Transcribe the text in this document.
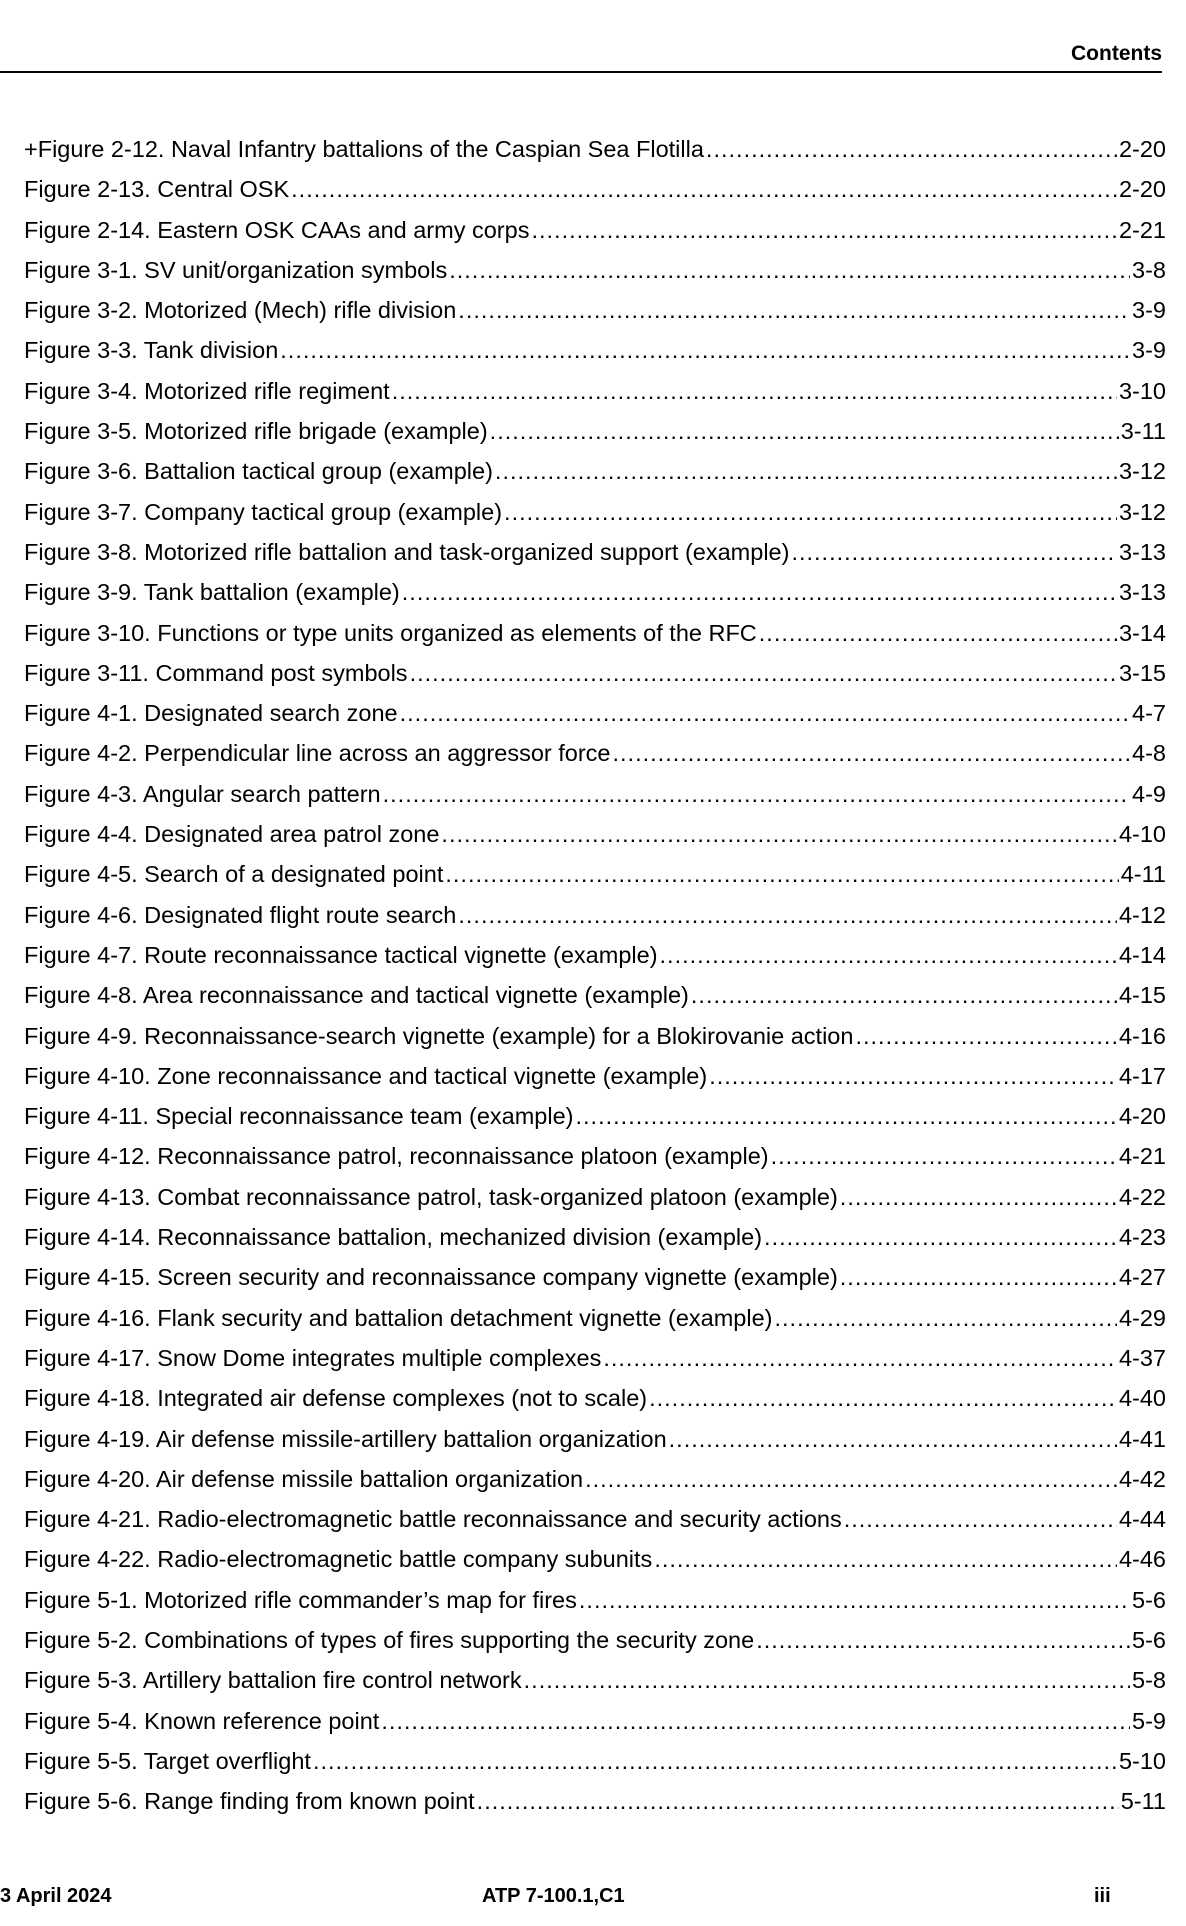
Contents
+Figure 2-12. Naval Infantry battalions of the Caspian Sea Flotilla .....	2-20
Figure 2-13. Central OSK .....	2-20
Figure 2-14. Eastern OSK CAAs and army corps .....	2-21
Figure 3-1. SV unit/organization symbols .....	3-8
Figure 3-2. Motorized (Mech) rifle division .....	3-9
Figure 3-3. Tank division .....	3-9
Figure 3-4. Motorized rifle regiment .....	3-10
Figure 3-5. Motorized rifle brigade (example) .....	3-11
Figure 3-6. Battalion tactical group (example) .....	3-12
Figure 3-7. Company tactical group (example) .....	3-12
Figure 3-8. Motorized rifle battalion and task-organized support (example) .....	3-13
Figure 3-9. Tank battalion (example) .....	3-13
Figure 3-10. Functions or type units organized as elements of the RFC .....	3-14
Figure 3-11. Command post symbols .....	3-15
Figure 4-1. Designated search zone .....	4-7
Figure 4-2. Perpendicular line across an aggressor force .....	4-8
Figure 4-3. Angular search pattern .....	4-9
Figure 4-4. Designated area patrol zone .....	4-10
Figure 4-5. Search of a designated point .....	4-11
Figure 4-6. Designated flight route search .....	4-12
Figure 4-7. Route reconnaissance tactical vignette (example) .....	4-14
Figure 4-8. Area reconnaissance and tactical vignette (example) .....	4-15
Figure 4-9. Reconnaissance-search vignette (example) for a Blokirovanie action .....	4-16
Figure 4-10. Zone reconnaissance and tactical vignette (example) .....	4-17
Figure 4-11. Special reconnaissance team (example) .....	4-20
Figure 4-12. Reconnaissance patrol, reconnaissance platoon (example) .....	4-21
Figure 4-13. Combat reconnaissance patrol, task-organized platoon (example) .....	4-22
Figure 4-14. Reconnaissance battalion, mechanized division (example) .....	4-23
Figure 4-15. Screen security and reconnaissance company vignette (example) .....	4-27
Figure 4-16. Flank security and battalion detachment vignette (example) .....	4-29
Figure 4-17. Snow Dome integrates multiple complexes .....	4-37
Figure 4-18. Integrated air defense complexes (not to scale) .....	4-40
Figure 4-19. Air defense missile-artillery battalion organization .....	4-41
Figure 4-20. Air defense missile battalion organization .....	4-42
Figure 4-21. Radio-electromagnetic battle reconnaissance and security actions .....	4-44
Figure 4-22. Radio-electromagnetic battle company subunits .....	4-46
Figure 5-1. Motorized rifle commander’s map for fires .....	5-6
Figure 5-2. Combinations of types of fires supporting the security zone .....	5-6
Figure 5-3. Artillery battalion fire control network .....	5-8
Figure 5-4. Known reference point .....	5-9
Figure 5-5. Target overflight .....	5-10
Figure 5-6. Range finding from known point .....	5-11
3 April 2024	ATP 7-100.1,C1	iii
